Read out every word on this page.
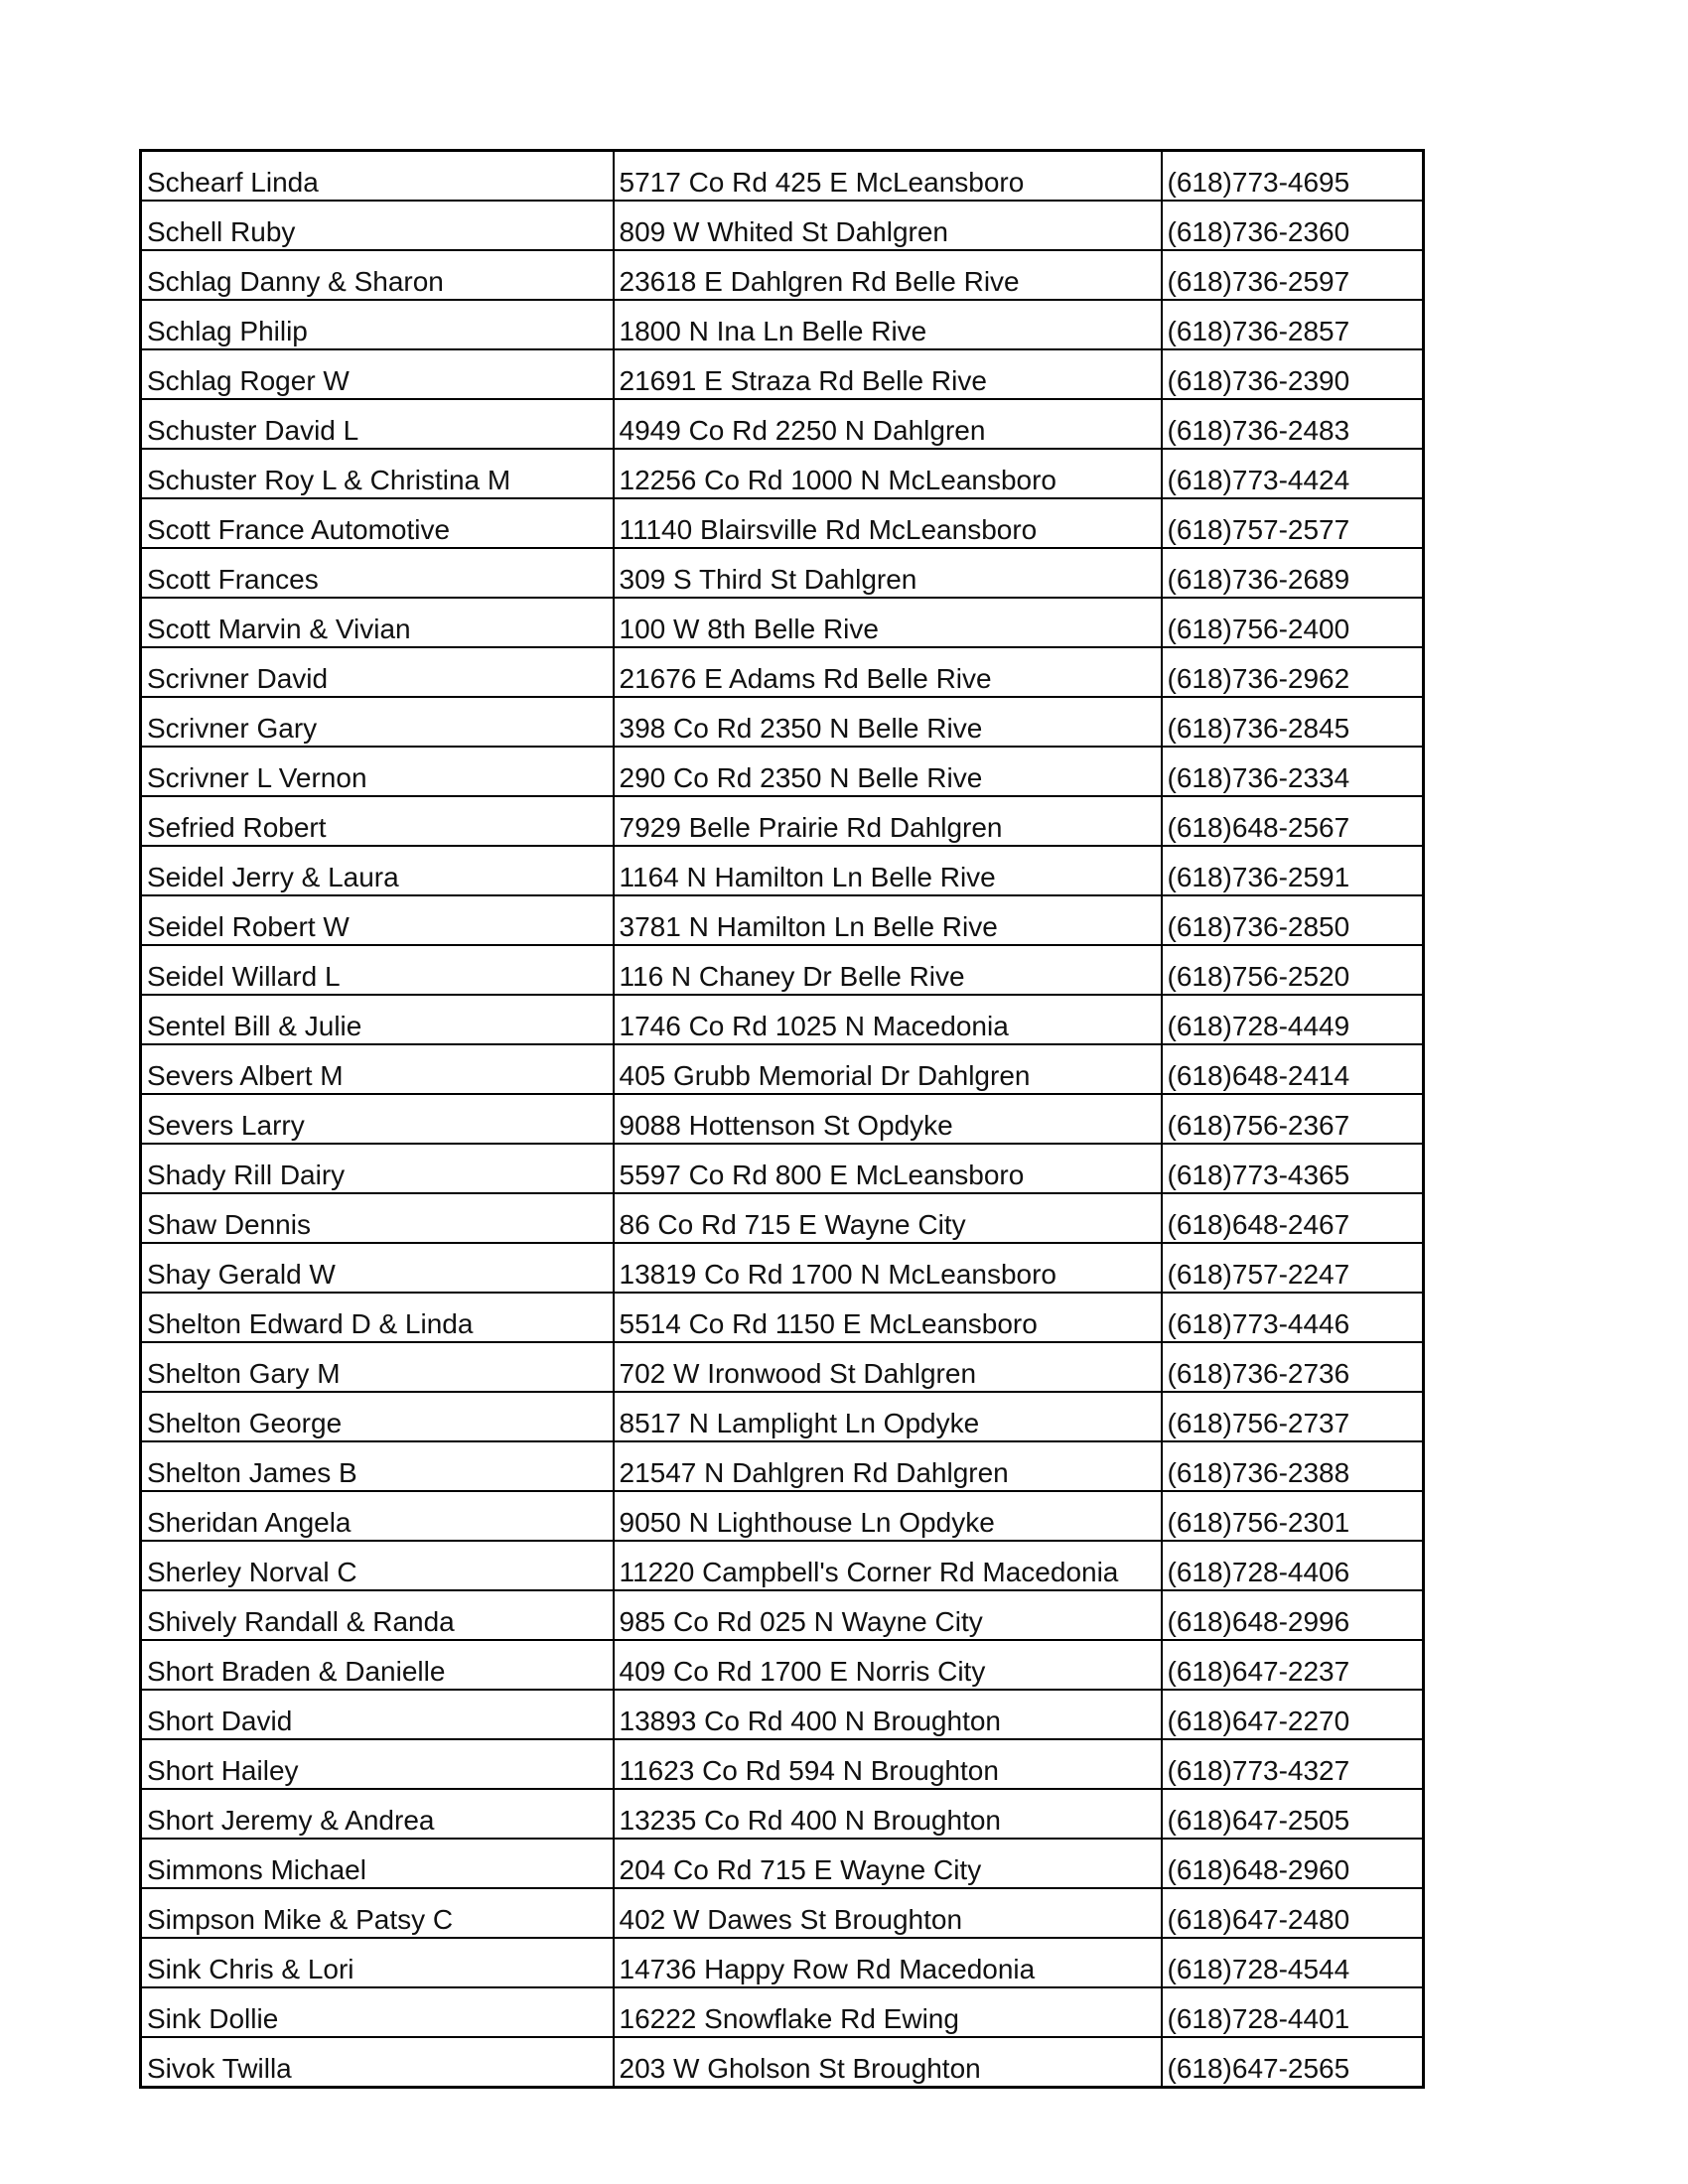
Schearf Linda	5717 Co Rd 425 E McLeansboro	(618)773-4695
Schell Ruby	809 W Whited St Dahlgren	(618)736-2360
Schlag Danny & Sharon	23618 E Dahlgren Rd Belle Rive	(618)736-2597
Schlag Philip	1800 N Ina Ln Belle Rive	(618)736-2857
Schlag Roger W	21691 E Straza Rd Belle Rive	(618)736-2390
Schuster David L	4949 Co Rd 2250 N Dahlgren	(618)736-2483
Schuster Roy L & Christina M	12256 Co Rd 1000 N McLeansboro	(618)773-4424
Scott France Automotive	11140 Blairsville Rd McLeansboro	(618)757-2577
Scott Frances	309 S Third St Dahlgren	(618)736-2689
Scott Marvin & Vivian	100 W 8th Belle Rive	(618)756-2400
Scrivner David	21676 E Adams Rd Belle Rive	(618)736-2962
Scrivner Gary	398 Co Rd 2350 N Belle Rive	(618)736-2845
Scrivner L Vernon	290 Co Rd 2350 N Belle Rive	(618)736-2334
Sefried Robert	7929 Belle Prairie Rd Dahlgren	(618)648-2567
Seidel Jerry & Laura	1164 N Hamilton Ln Belle Rive	(618)736-2591
Seidel Robert W	3781 N Hamilton Ln Belle Rive	(618)736-2850
Seidel Willard L	116 N Chaney Dr Belle Rive	(618)756-2520
Sentel Bill & Julie	1746 Co Rd 1025 N Macedonia	(618)728-4449
Severs Albert M	405 Grubb Memorial Dr Dahlgren	(618)648-2414
Severs Larry	9088 Hottenson St Opdyke	(618)756-2367
Shady Rill Dairy	5597 Co Rd 800 E McLeansboro	(618)773-4365
Shaw Dennis	86 Co Rd 715 E Wayne City	(618)648-2467
Shay Gerald W	13819 Co Rd 1700 N McLeansboro	(618)757-2247
Shelton Edward D & Linda	5514 Co Rd 1150 E McLeansboro	(618)773-4446
Shelton Gary M	702 W Ironwood St Dahlgren	(618)736-2736
Shelton George	8517 N Lamplight Ln Opdyke	(618)756-2737
Shelton James B	21547 N Dahlgren Rd Dahlgren	(618)736-2388
Sheridan Angela	9050 N Lighthouse Ln Opdyke	(618)756-2301
Sherley Norval C	11220 Campbell's Corner Rd Macedonia	(618)728-4406
Shively Randall & Randa	985 Co Rd 025 N Wayne City	(618)648-2996
Short Braden & Danielle	409 Co Rd 1700 E Norris City	(618)647-2237
Short David	13893 Co Rd 400 N Broughton	(618)647-2270
Short Hailey	11623 Co Rd 594 N Broughton	(618)773-4327
Short Jeremy & Andrea	13235 Co Rd 400 N Broughton	(618)647-2505
Simmons Michael	204 Co Rd 715 E Wayne City	(618)648-2960
Simpson Mike & Patsy C	402 W Dawes St Broughton	(618)647-2480
Sink Chris & Lori	14736 Happy Row Rd Macedonia	(618)728-4544
Sink Dollie	16222 Snowflake Rd Ewing	(618)728-4401
Sivok Twilla	203 W Gholson St Broughton	(618)647-2565
